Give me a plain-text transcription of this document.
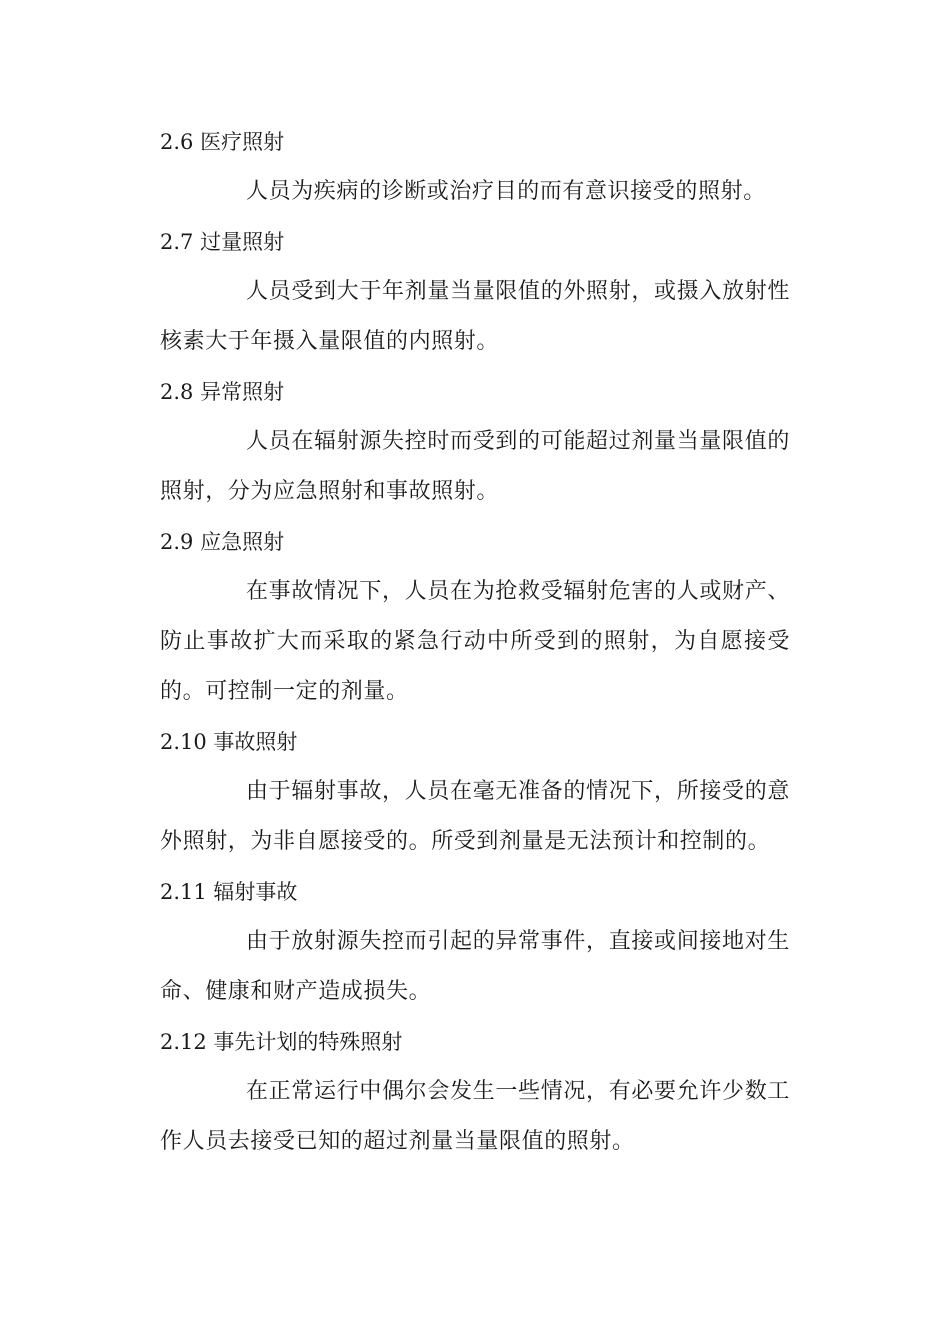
2.6 医疗照射

人员为疾病的诊断或治疗目的而有意识接受的照射。

2.7 过量照射

人员受到大于年剂量当量限值的外照射，或摄入放射性核素大于年摄入量限值的内照射。

2.8 异常照射

人员在辐射源失控时而受到的可能超过剂量当量限值的照射，分为应急照射和事故照射。

2.9 应急照射

在事故情况下，人员在为抢救受辐射危害的人或财产、防止事故扩大而采取的紧急行动中所受到的照射，为自愿接受的。可控制一定的剂量。

2.10 事故照射

由于辐射事故，人员在毫无准备的情况下，所接受的意外照射，为非自愿接受的。所受到剂量是无法预计和控制的。

2.11 辐射事故

由于放射源失控而引起的异常事件，直接或间接地对生命、健康和财产造成损失。

2.12 事先计划的特殊照射

在正常运行中偶尔会发生一些情况，有必要允许少数工作人员去接受已知的超过剂量当量限值的照射。
